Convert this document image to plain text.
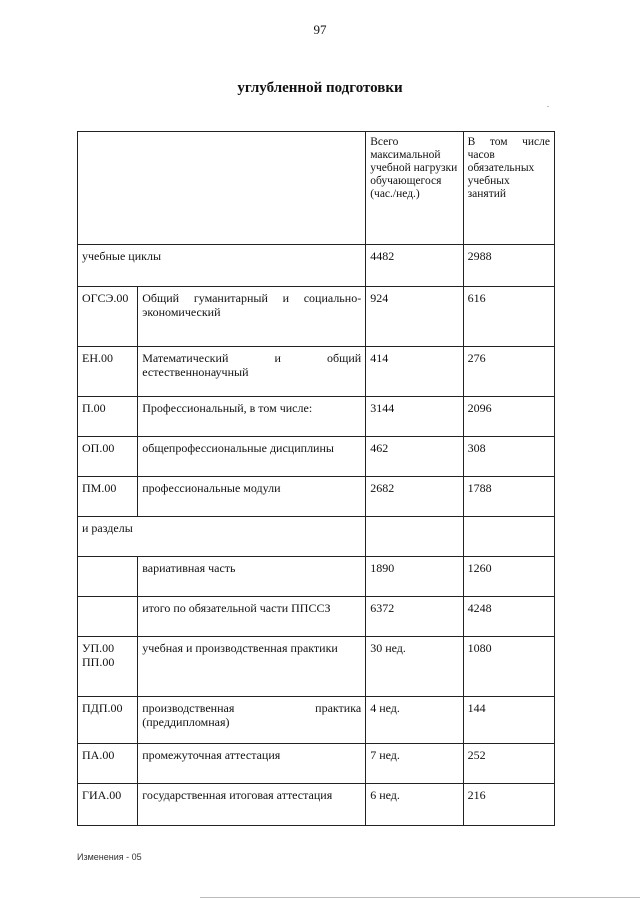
97
углубленной подготовки
.
		Всего максимальной учебной нагрузки обучающегося (час./нед.)	В том числе часов обязательных учебных занятий
учебные циклы		4482	2988
ОГСЭ.00	Общий гуманитарный и социально-экономический	924	616
ЕН.00	Математический и общий естественнонаучный	414	276
П.00	Профессиональный, в том числе:	3144	2096
ОП.00	общепрофессиональные дисциплины	462	308
ПМ.00	профессиональные модули	2682	1788
и разделы			
	вариативная часть	1890	1260
	итого по обязательной части ППССЗ	6372	4248
УП.00 ПП.00	учебная и производственная практики	30 нед.	1080
ПДП.00	производственная практика (преддипломная)	4 нед.	144
ПА.00	промежуточная аттестация	7 нед.	252
ГИА.00	государственная итоговая аттестация	6 нед.	216
Изменения - 05
